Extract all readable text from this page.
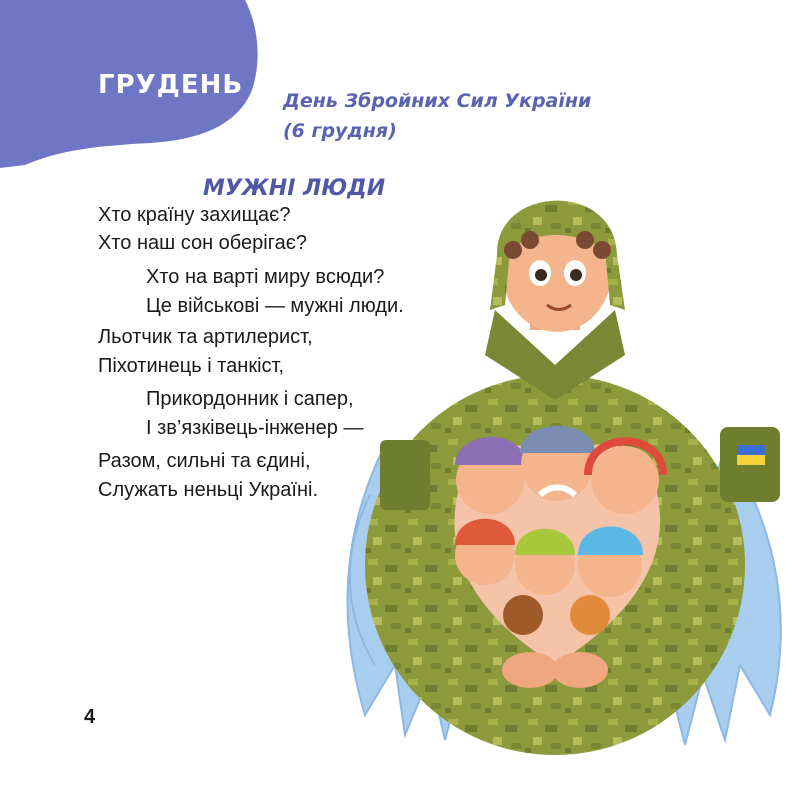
ГРУДЕНЬ
День Збройних Сил України
(6 грудня)
МУЖНІ ЛЮДИ
Хто країну захищає?
Хто наш сон оберігає?
Хто на варті миру всюди?
Це військові — мужні люди.
Льотчик та артилерист,
Піхотинець і танкіст,
Прикордонник і сапер,
І зв’язківець-інженер —
Разом, сильні та єдині,
Служать неньці Україні.
4
